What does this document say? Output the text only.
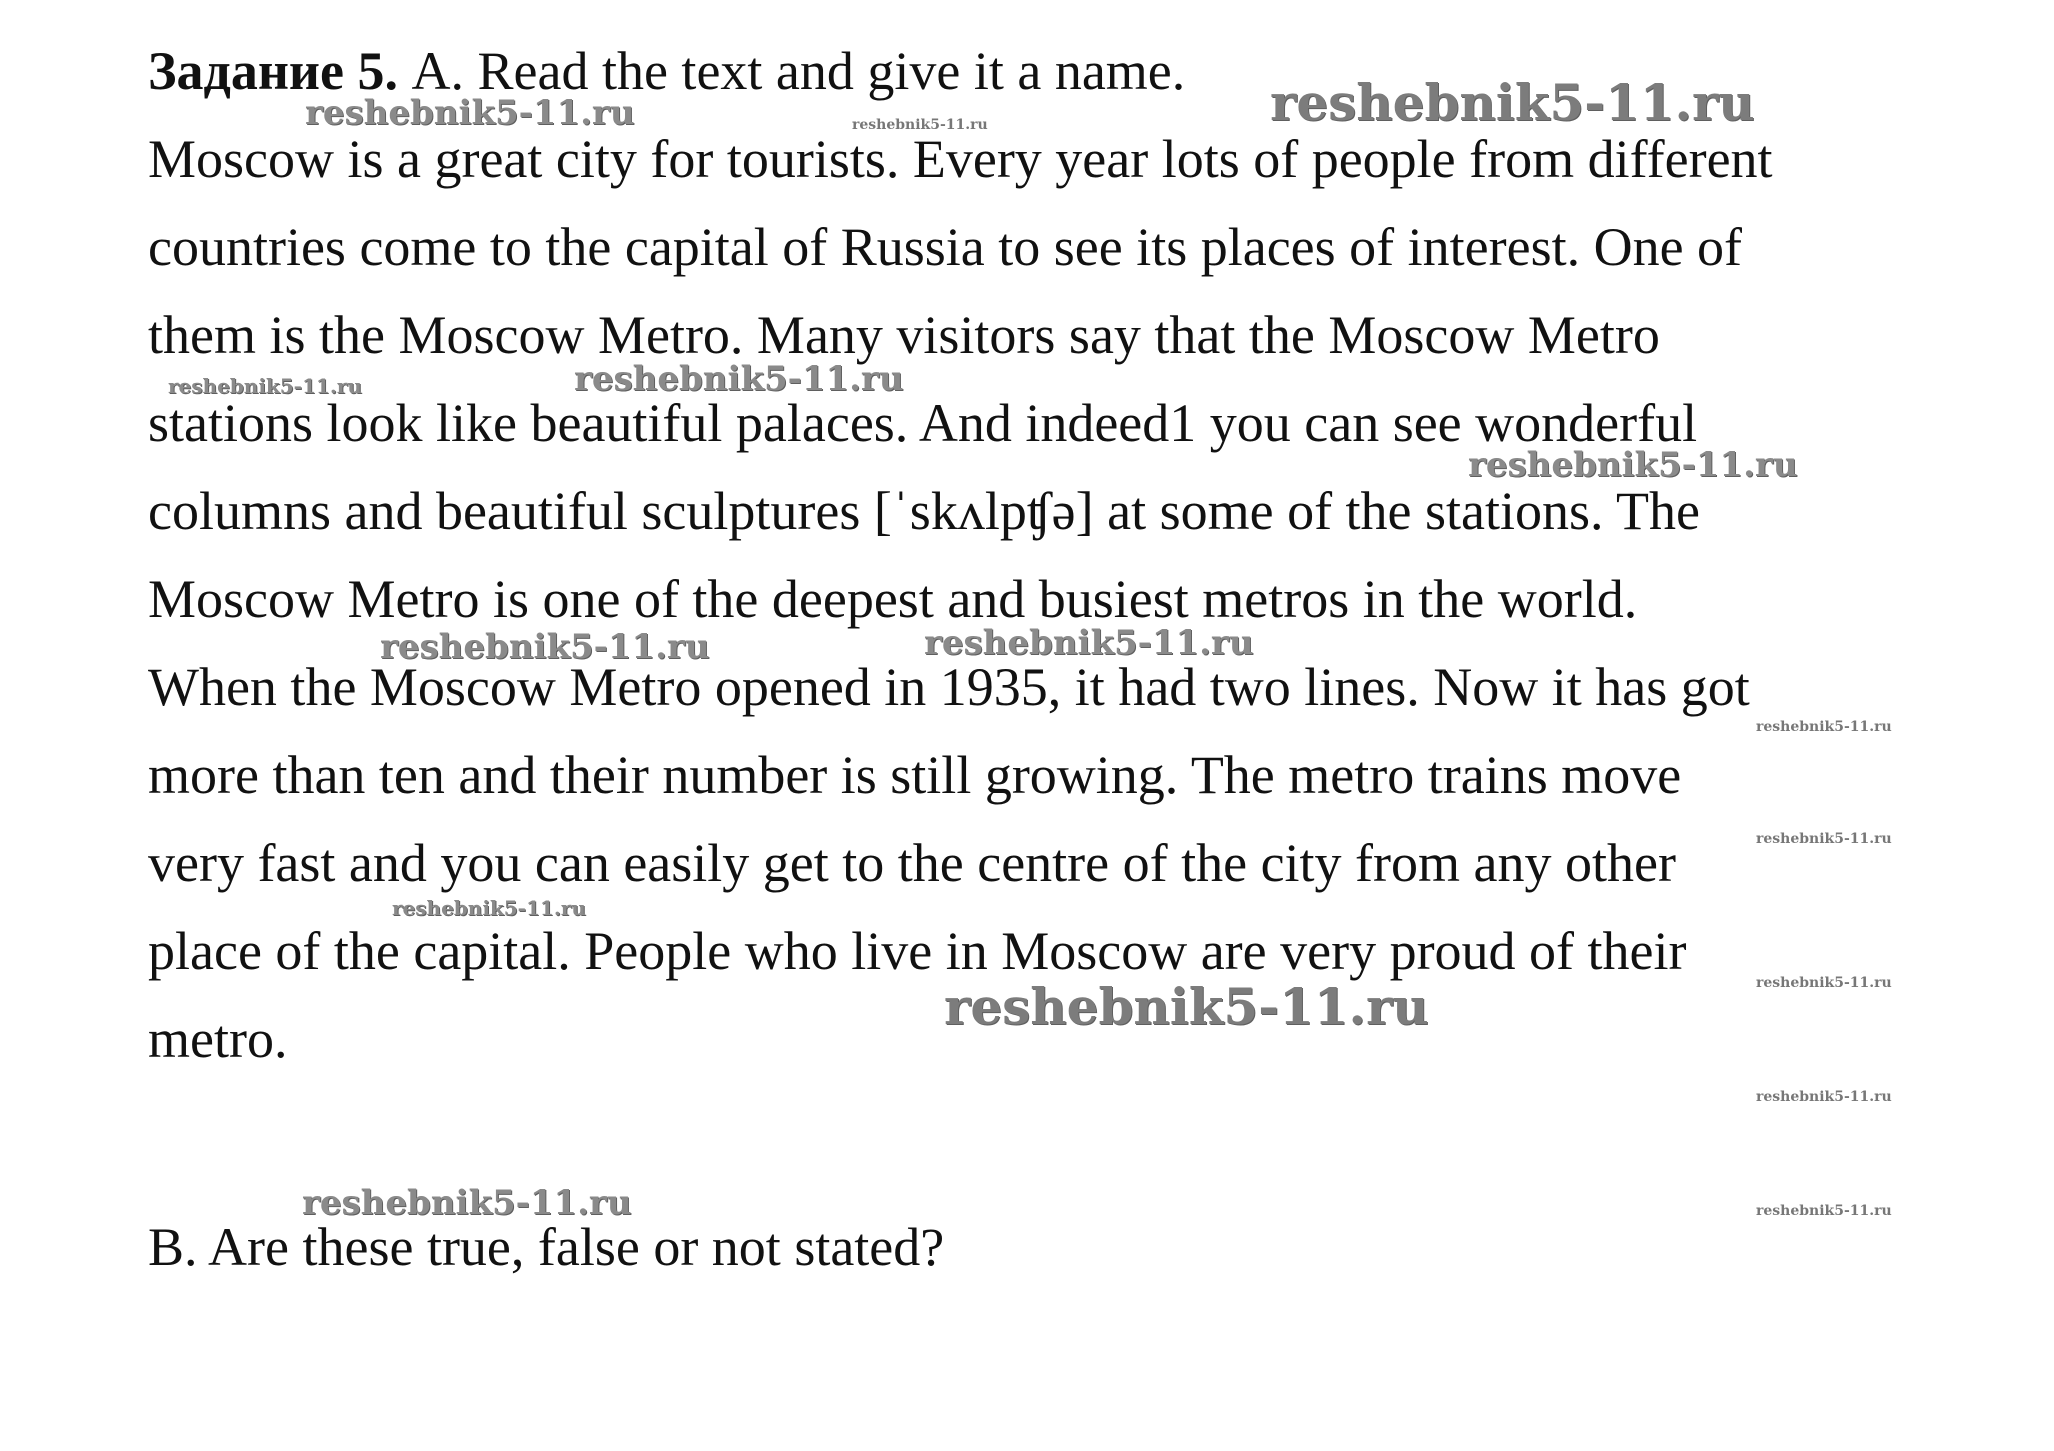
Задание 5. A. Read the text and give it a name.
Moscow is a great city for tourists. Every year lots of people from different
countries come to the capital of Russia to see its places of interest. One of
them is the Moscow Metro. Many visitors say that the Moscow Metro
stations look like beautiful palaces. And indeed1 you can see wonderful
columns and beautiful sculptures [ˈskʌlpʧə] at some of the stations. The
Moscow Metro is one of the deepest and busiest metros in the world.
When the Moscow Metro opened in 1935, it had two lines. Now it has got
more than ten and their number is still growing. The metro trains move
very fast and you can easily get to the centre of the city from any other
place of the capital. People who live in Moscow are very proud of their
metro.
B. Are these true, false or not stated?
reshebnik5-11.ru
reshebnik5-11.ru	reshebnik5-11.ru
reshebnik5-11.ru	reshebnik5-11.ru
reshebnik5-11.ru
reshebnik5-11.ru	reshebnik5-11.ru
reshebnik5-11.ru
reshebnik5-11.ru
reshebnik5-11.ru
reshebnik5-11.ru
reshebnik5-11.ru
reshebnik5-11.ru
reshebnik5-11.ru	reshebnik5-11.ru
